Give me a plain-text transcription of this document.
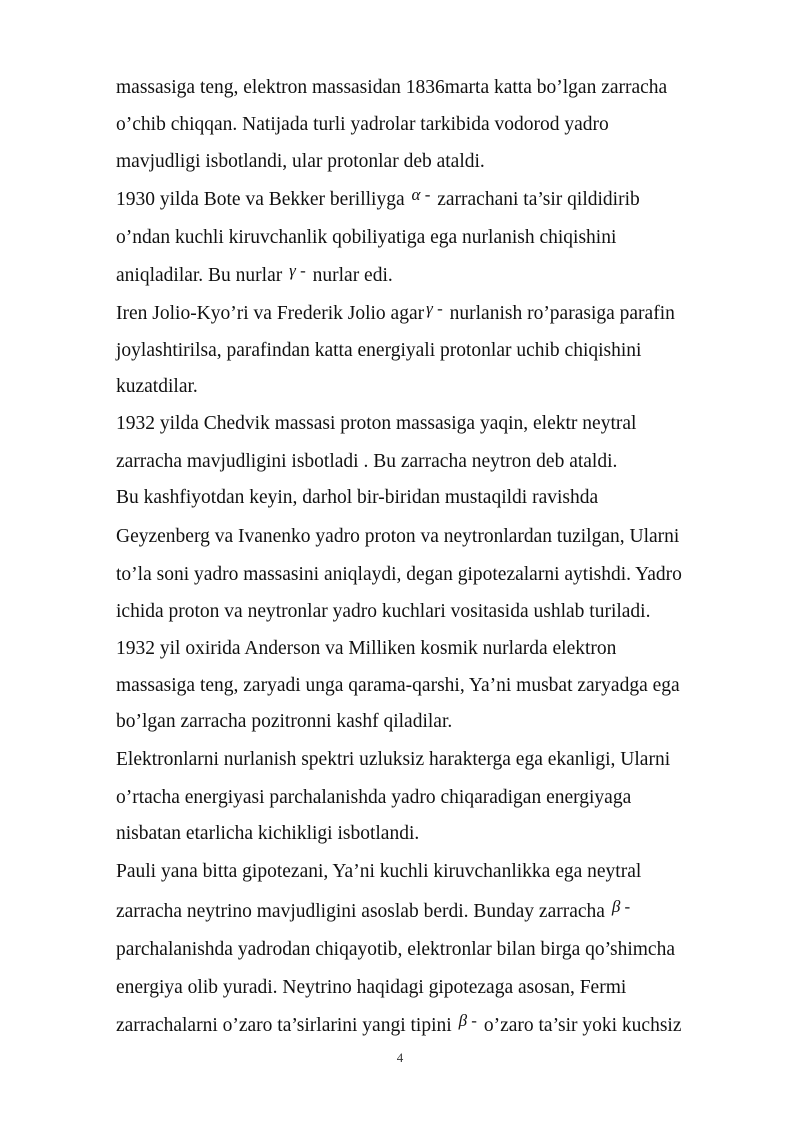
massasiga teng, elektron massasidan 1836marta katta bo’lgan zarracha
o’chib chiqqan. Natijada turli yadrolar tarkibida vodorod yadro
mavjudligi isbotlandi, ular protonlar deb ataldi.
1930 yilda Bote va Bekker berilliyga α - zarrachani ta’sir qildidirib
o’ndan kuchli kiruvchanlik qobiliyatiga ega nurlanish chiqishini
aniqladilar. Bu nurlar γ - nurlar edi.
Iren Jolio-Kyo’ri va Frederik Jolio agar γ - nurlanish ro’parasiga parafin
joylashtirilsa, parafindan katta energiyali protonlar uchib chiqishini
kuzatdilar.
1932 yilda Chedvik massasi proton massasiga yaqin, elektr neytral
zarracha mavjudligini isbotladi . Bu zarracha neytron deb ataldi.
Bu kashfiyotdan keyin, darhol bir-biridan mustaqildi ravishda
Geyzenberg va Ivanenko yadro proton va neytronlardan tuzilgan, Ularni
to’la soni yadro massasini aniqlaydi, degan gipotezalarni aytishdi. Yadro
ichida proton va neytronlar yadro kuchlari vositasida ushlab turiladi.
1932 yil oxirida Anderson va Milliken kosmik nurlarda elektron
massasiga teng, zaryadi unga qarama-qarshi, Ya’ni musbat zaryadga ega
bo’lgan zarracha pozitronni kashf qiladilar.
Elektronlarni nurlanish spektri uzluksiz harakterga ega ekanligi, Ularni
o’rtacha energiyasi parchalanishda yadro chiqaradigan energiyaga
nisbatan etarlicha kichikligi isbotlandi.
Pauli yana bitta gipotezani, Ya’ni kuchli kiruvchanlikka ega neytral
zarracha neytrino mavjudligini asoslab berdi. Bunday zarracha β -
parchalanishda yadrodan chiqayotib, elektronlar bilan birga qo’shimcha
energiya olib yuradi. Neytrino haqidagi gipotezaga asosan, Fermi
zarrachalarni o’zaro ta’sirlarini yangi tipini β - o’zaro ta’sir yoki kuchsiz
4
